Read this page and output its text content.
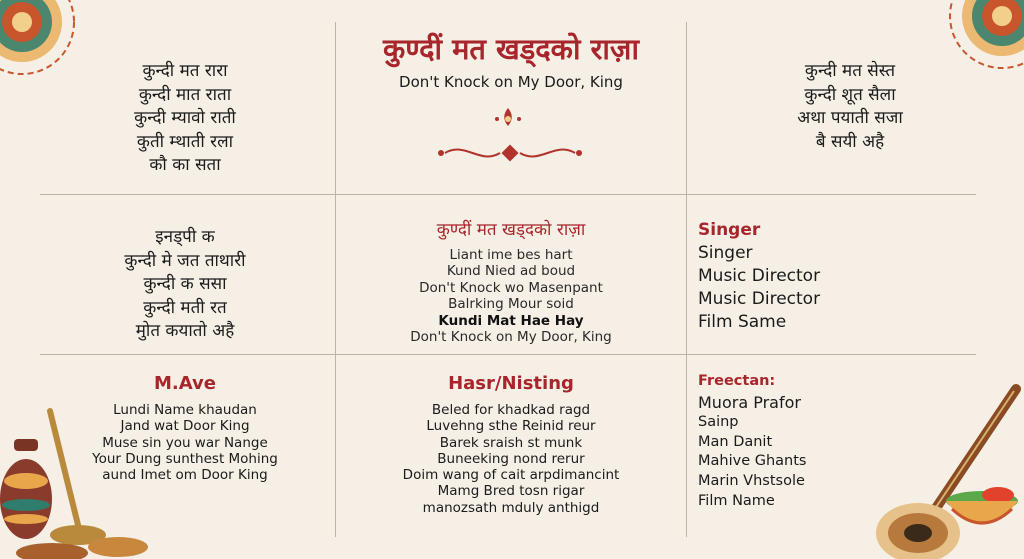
कुण्दीं मत खड्दको राज़ा
Don't Knock on My Door, King
कुन्दी मत रारा
कुन्दी मात राता
कुन्दी म्यावो राती
कुती म्थाती रला
कौ का सता
कुन्दी मत सेस्त
कुन्दी शूत सैला
अथा पयाती सजा
बै सयी अहै
इनड्पी क
कुन्दी मे जत ताथारी
कुन्दी क ससा
कुन्दी मती रत
मुोत कयातो अहै
कुण्दीं मत खड्दको राज़ा
Liant ime bes hart
Kund Nied ad boud
Don't Knock wo Masenpant
Balrking Mour soid
Kundi Mat Hae Hay
Don't Knock on My Door, King
Singer
Singer
Music Director
Music Director
Film Same
M.Ave
Lundi Name khaudan
Jand wat Door King
Muse sin you war Nange
Your Dung sunthest Mohing
aund Imet om Door King
Hasr/Nisting
Beled for khadkad ragd
Luvehng sthe Reinid reur
Barek sraish st munk
Buneeking nond rerur
Doim wang of cait arpdimancint
Mamg Bred tosn rigar
manozsath mduly anthigd
Freectan:
Muora Prafor
Sainp
Man Danit
Mahive Ghants
Marin Vhstsole
Film Name
